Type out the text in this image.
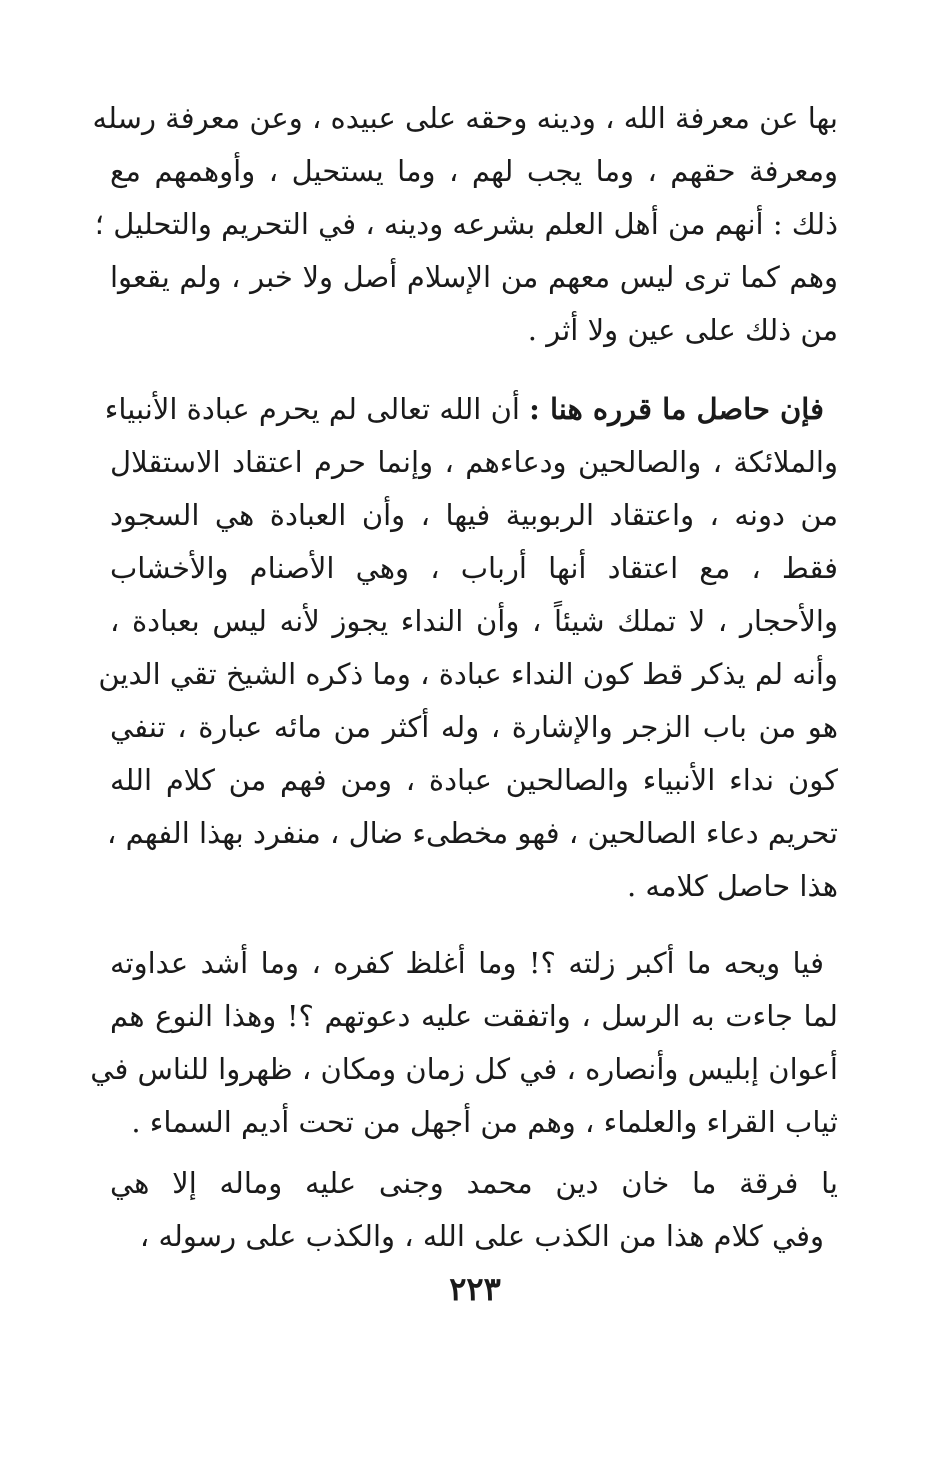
بها عن معرفة الله ، ودينه وحقه على عبيده ، وعن معرفة رسله
ومعرفة حقهم ، وما يجب لهم ، وما يستحيل ، وأوهمهم مع
ذلك : أنهم من أهل العلم بشرعه ودينه ، في التحريم والتحليل ؛
وهم كما ترى ليس معهم من الإسلام أصل ولا خبر ، ولم يقعوا
من ذلك على عين ولا أثر .
فإن حاصل ما قرره هنا : أن الله تعالى لم يحرم عبادة الأنبياء
والملائكة ، والصالحين ودعاءهم ، وإنما حرم اعتقاد الاستقلال
من دونه ، واعتقاد الربوبية فيها ، وأن العبادة هي السجود
فقط ، مع اعتقاد أنها أرباب ، وهي الأصنام والأخشاب
والأحجار ، لا تملك شيئاً ، وأن النداء يجوز لأنه ليس بعبادة ،
وأنه لم يذكر قط كون النداء عبادة ، وما ذكره الشيخ تقي الدين
هو من باب الزجر والإشارة ، وله أكثر من مائه عبارة ، تنفي
كون نداء الأنبياء والصالحين عبادة ، ومن فهم من كلام الله
تحريم دعاء الصالحين ، فهو مخطىء ضال ، منفرد بهذا الفهم ،
هذا حاصل كلامه .
فيا ويحه ما أكبر زلته ؟! وما أغلظ كفره ، وما أشد عداوته
لما جاءت به الرسل ، واتفقت عليه دعوتهم ؟! وهذا النوع هم
أعوان إبليس وأنصاره ، في كل زمان ومكان ، ظهروا للناس في
ثياب القراء والعلماء ، وهم من أجهل من تحت أديم السماء .
يا فرقة ما خان دين محمد وجنى عليه وماله إلا هي
وفي كلام هذا من الكذب على الله ، والكذب على رسوله ،
٢٢٣
